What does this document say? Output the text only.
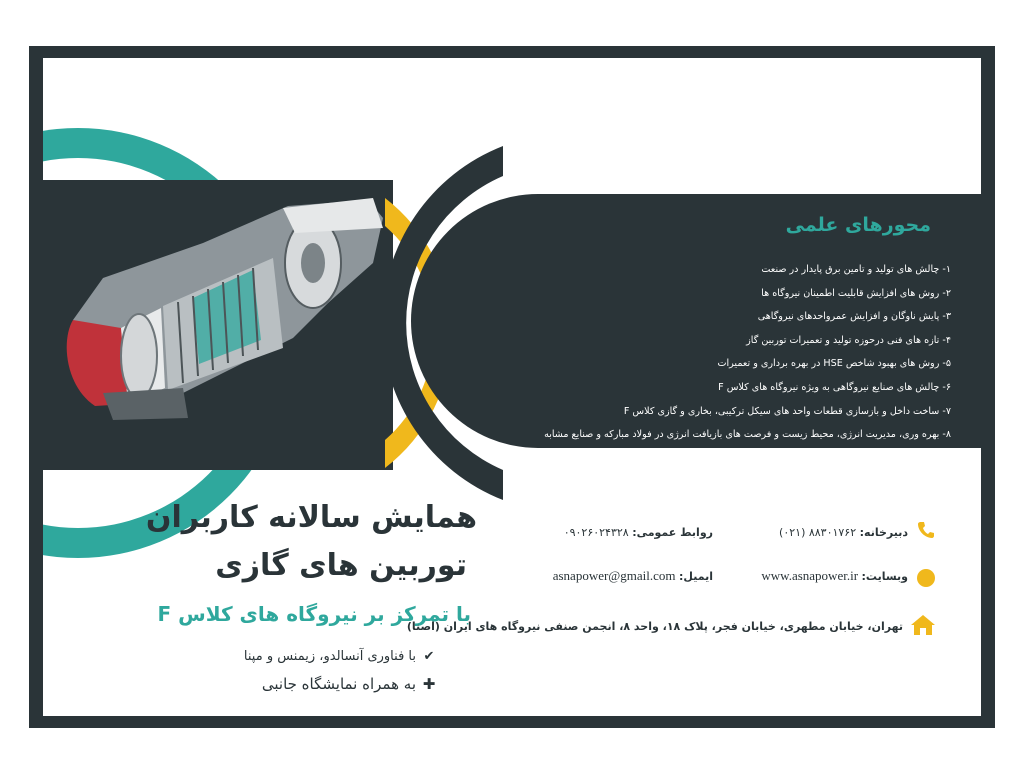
محورهای علمی
۱- چالش های تولید و تامین برق پایدار در صنعت
۲- روش های افزایش قابلیت اطمینان نیروگاه ها
۳- پایش ناوگان و افزایش عمرواحدهای نیروگاهی
۴- تازه های فنی درحوزه تولید و تعمیرات توربین گاز
۵- روش های بهبود شاخص HSE در بهره برداری و تعمیرات
۶- چالش های صنایع نیروگاهی به ویژه نیروگاه های کلاس F
۷- ساخت داخل و بازسازی قطعات واحد های سیکل ترکیبی، بخاری و گازی کلاس F
۸- بهره وری، مدیریت انرژی، محیط زیست و فرصت های بازیافت انرژی در فولاد مبارکه و صنایع مشابه
همایش سالانه کاربران
توربین های گازی
با تمرکز بر نیروگاه های کلاس F
✔با فناوری آنسالدو، زیمنس و مپنا
✚به همراه نمایشگاه جانبی
دبیرخانه: (۰۲۱) ۸۸۳۰۱۷۶۲
روابط عمومی: ۰۹۰۲۶۰۲۴۳۲۸
وبسایت: www.asnapower.ir
ایمیل: asnapower@gmail.com
تهران، خیابان مطهری، خیابان فجر، پلاک ۱۸، واحد ۸، انجمن صنفی نیروگاه های ایران (اصنا)
